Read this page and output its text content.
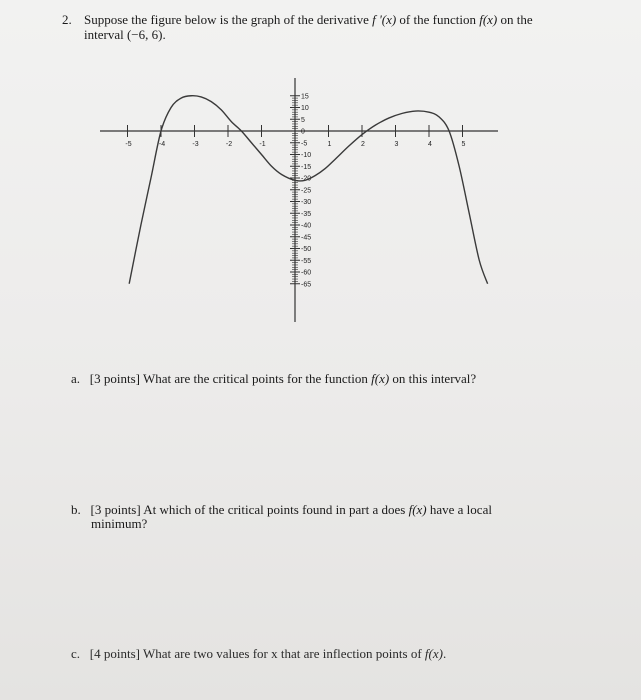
2. Suppose the figure below is the graph of the derivative f '(x) of the function f(x) on the
interval (−6, 6).
-5	-4	-3	-2	-1	1	2	3	4	5
15
10
5
0
-5
-10
-15
-20
-25
-30
-35
-40
-45
-50
-55
-60
-65
a. [3 points] What are the critical points for the function f(x) on this interval?
b. [3 points] At which of the critical points found in part a does f(x) have a local
minimum?
c. [4 points] What are two values for x that are inflection points of f(x).
